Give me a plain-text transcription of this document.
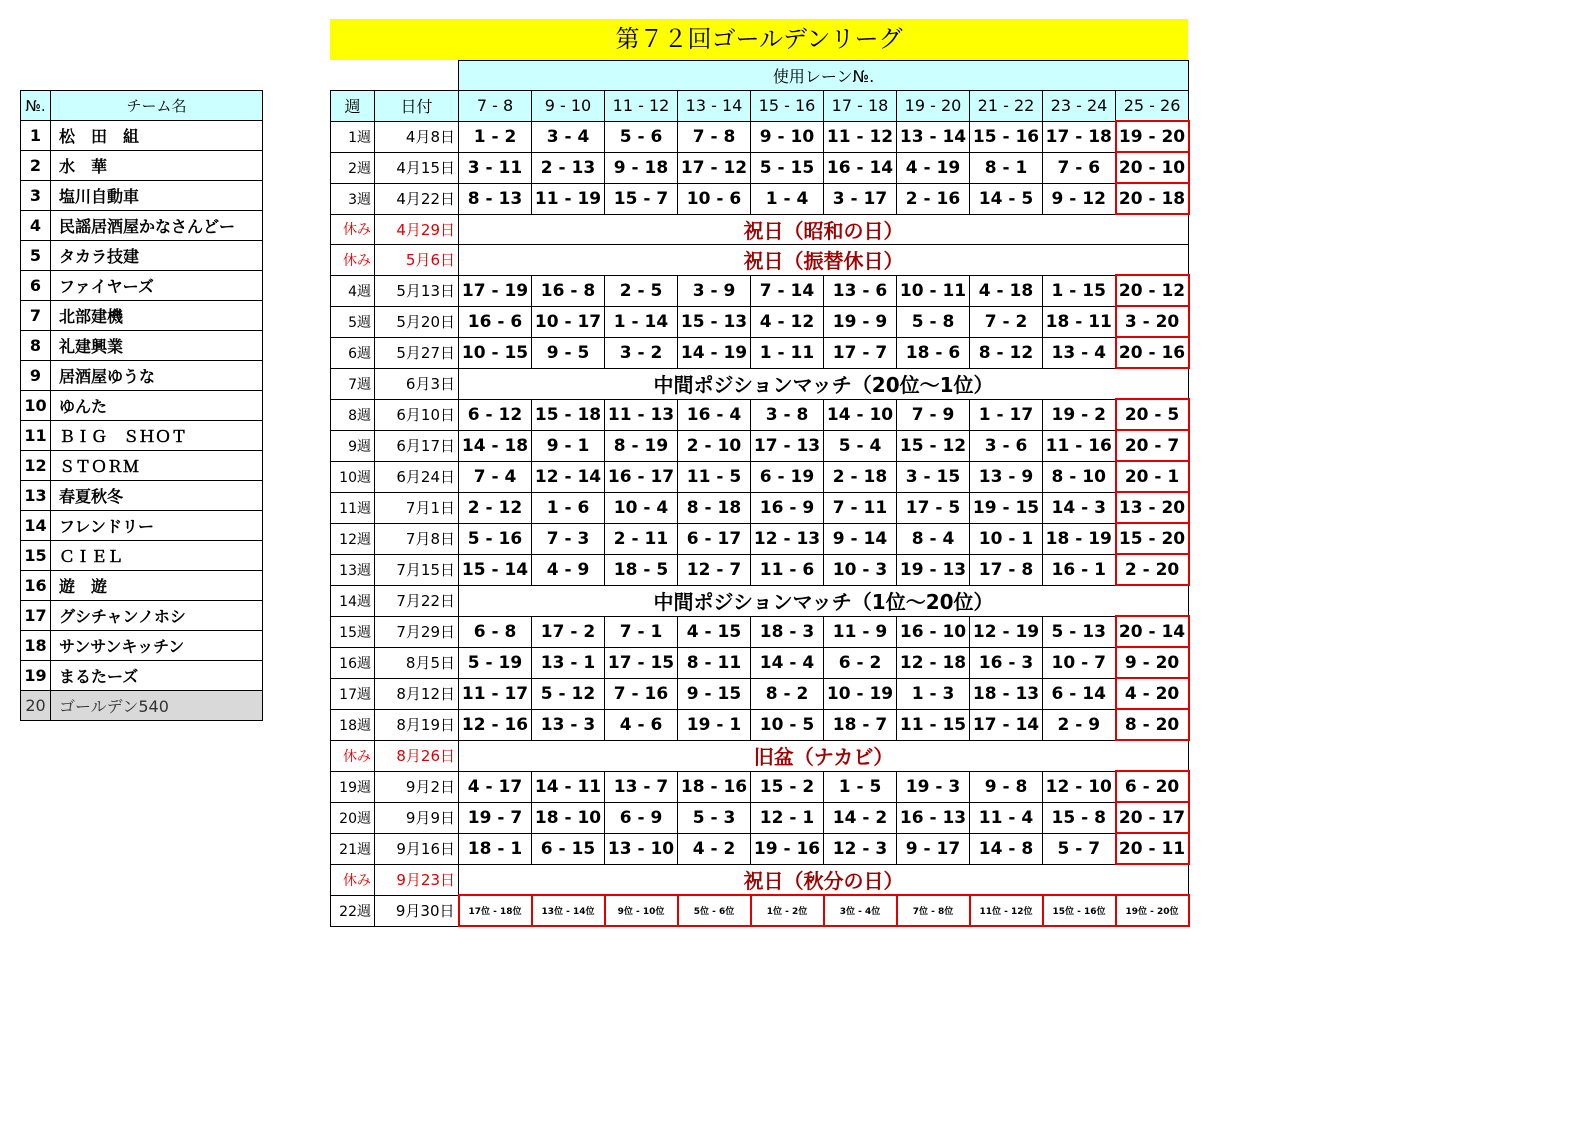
第７２回ゴールデンリーグ
№.	チーム名
1	松　田　組
2	水　華
3	塩川自動車
4	民謡居酒屋かなさんどー
5	タカラ技建
6	ファイヤーズ
7	北部建機
8	礼建興業
9	居酒屋ゆうな
10	ゆんた
11	ＢＩＧ　ＳＨＯＴ
12	ＳＴＯＲＭ
13	春夏秋冬
14	フレンドリー
15	ＣＩＥＬ
16	遊　遊
17	グシチャンノホシ
18	サンサンキッチン
19	まるたーズ
20	ゴールデン540
		使用レーン№.									
週	日付	7 - 8	9 - 10	11 - 12	13 - 14	15 - 16	17 - 18	19 - 20	21 - 22	23 - 24	25 - 26
1週	4月8日	1 - 2	3 - 4	5 - 6	7 - 8	9 - 10	11 - 12	13 - 14	15 - 16	17 - 18	19 - 20
2週	4月15日	3 - 11	2 - 13	9 - 18	17 - 12	5 - 15	16 - 14	4 - 19	8 - 1	7 - 6	20 - 10
3週	4月22日	8 - 13	11 - 19	15 - 7	10 - 6	1 - 4	3 - 17	2 - 16	14 - 5	9 - 12	20 - 18
休み	4月29日	祝日（昭和の日）									
休み	5月6日	祝日（振替休日）									
4週	5月13日	17 - 19	16 - 8	2 - 5	3 - 9	7 - 14	13 - 6	10 - 11	4 - 18	1 - 15	20 - 12
5週	5月20日	16 - 6	10 - 17	1 - 14	15 - 13	4 - 12	19 - 9	5 - 8	7 - 2	18 - 11	3 - 20
6週	5月27日	10 - 15	9 - 5	3 - 2	14 - 19	1 - 11	17 - 7	18 - 6	8 - 12	13 - 4	20 - 16
7週	6月3日	中間ポジションマッチ（20位～1位）									
8週	6月10日	6 - 12	15 - 18	11 - 13	16 - 4	3 - 8	14 - 10	7 - 9	1 - 17	19 - 2	20 - 5
9週	6月17日	14 - 18	9 - 1	8 - 19	2 - 10	17 - 13	5 - 4	15 - 12	3 - 6	11 - 16	20 - 7
10週	6月24日	7 - 4	12 - 14	16 - 17	11 - 5	6 - 19	2 - 18	3 - 15	13 - 9	8 - 10	20 - 1
11週	7月1日	2 - 12	1 - 6	10 - 4	8 - 18	16 - 9	7 - 11	17 - 5	19 - 15	14 - 3	13 - 20
12週	7月8日	5 - 16	7 - 3	2 - 11	6 - 17	12 - 13	9 - 14	8 - 4	10 - 1	18 - 19	15 - 20
13週	7月15日	15 - 14	4 - 9	18 - 5	12 - 7	11 - 6	10 - 3	19 - 13	17 - 8	16 - 1	2 - 20
14週	7月22日	中間ポジションマッチ（1位～20位）									
15週	7月29日	6 - 8	17 - 2	7 - 1	4 - 15	18 - 3	11 - 9	16 - 10	12 - 19	5 - 13	20 - 14
16週	8月5日	5 - 19	13 - 1	17 - 15	8 - 11	14 - 4	6 - 2	12 - 18	16 - 3	10 - 7	9 - 20
17週	8月12日	11 - 17	5 - 12	7 - 16	9 - 15	8 - 2	10 - 19	1 - 3	18 - 13	6 - 14	4 - 20
18週	8月19日	12 - 16	13 - 3	4 - 6	19 - 1	10 - 5	18 - 7	11 - 15	17 - 14	2 - 9	8 - 20
休み	8月26日	旧盆（ナカビ）									
19週	9月2日	4 - 17	14 - 11	13 - 7	18 - 16	15 - 2	1 - 5	19 - 3	9 - 8	12 - 10	6 - 20
20週	9月9日	19 - 7	18 - 10	6 - 9	5 - 3	12 - 1	14 - 2	16 - 13	11 - 4	15 - 8	20 - 17
21週	9月16日	18 - 1	6 - 15	13 - 10	4 - 2	19 - 16	12 - 3	9 - 17	14 - 8	5 - 7	20 - 11
休み	9月23日	祝日（秋分の日）									
22週	9月30日	17位 - 18位	13位 - 14位	9位 - 10位	5位 - 6位	1位 - 2位	3位 - 4位	7位 - 8位	11位 - 12位	15位 - 16位	19位 - 20位
